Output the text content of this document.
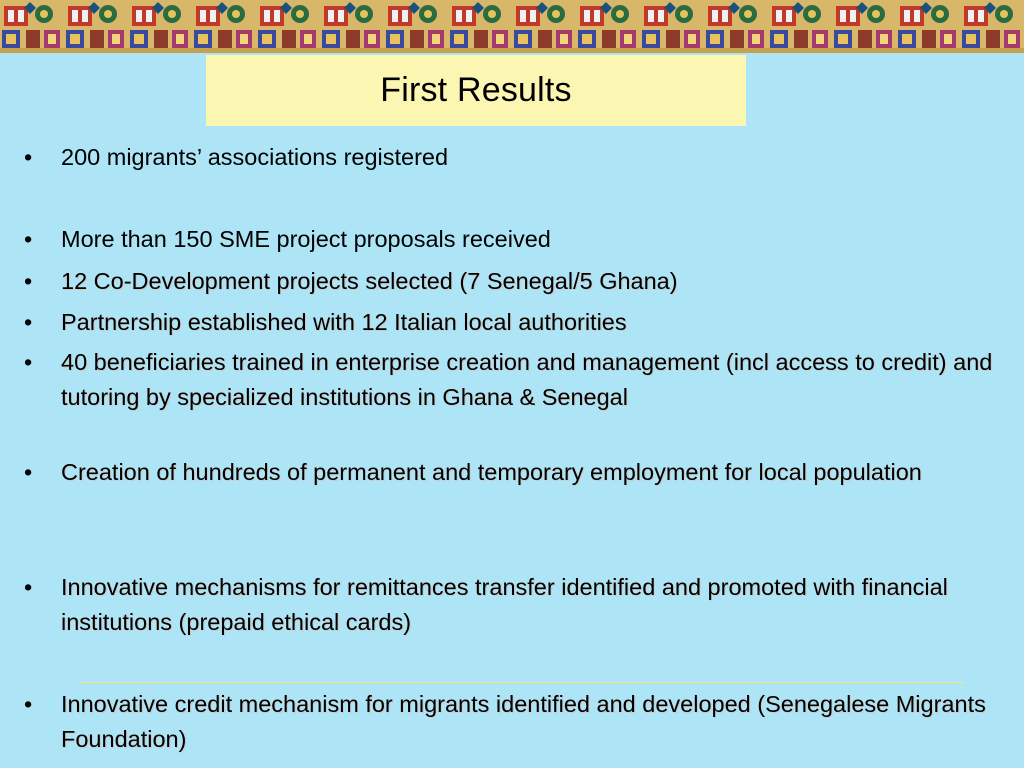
First Results
• 200 migrants’ associations registered
• More than 150 SME project proposals received
• 12 Co-Development projects selected (7 Senegal/5 Ghana)
• Partnership established with 12 Italian local authorities
• 40 beneficiaries trained in enterprise creation and management (incl access to credit) and tutoring by specialized institutions in Ghana & Senegal
• Creation of hundreds of permanent and temporary employment for local population
• Innovative mechanisms for remittances transfer identified and promoted with financial institutions (prepaid ethical cards)
• Innovative credit mechanism for migrants identified and developed (Senegalese Migrants Foundation)
